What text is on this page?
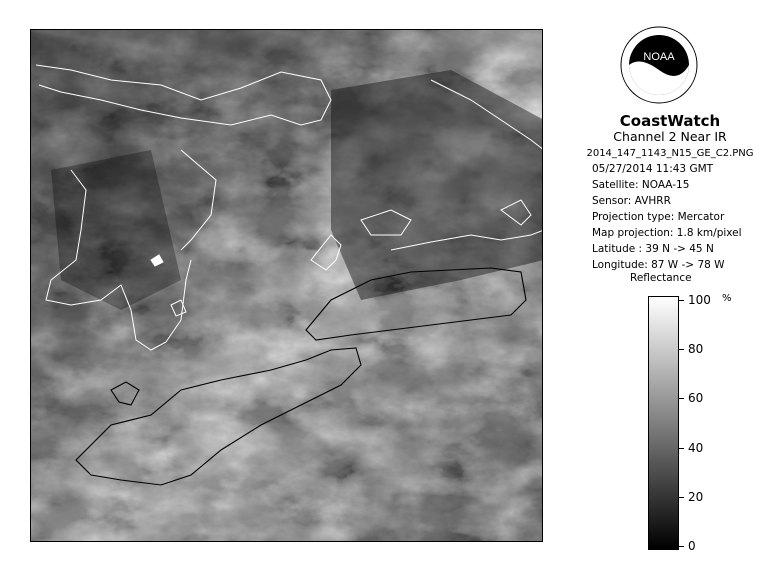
NOAA
CoastWatch
Channel 2 Near IR
2014_147_1143_N15_GE_C2.PNG
05/27/2014 11:43 GMT
Satellite: NOAA-15
Sensor: AVHRR
Projection type: Mercator
Map projection: 1.8 km/pixel
Latitude : 39 N -> 45 N
Longitude: 87 W -> 78 W
Reflectance
%
100
80
60
40
20
0
